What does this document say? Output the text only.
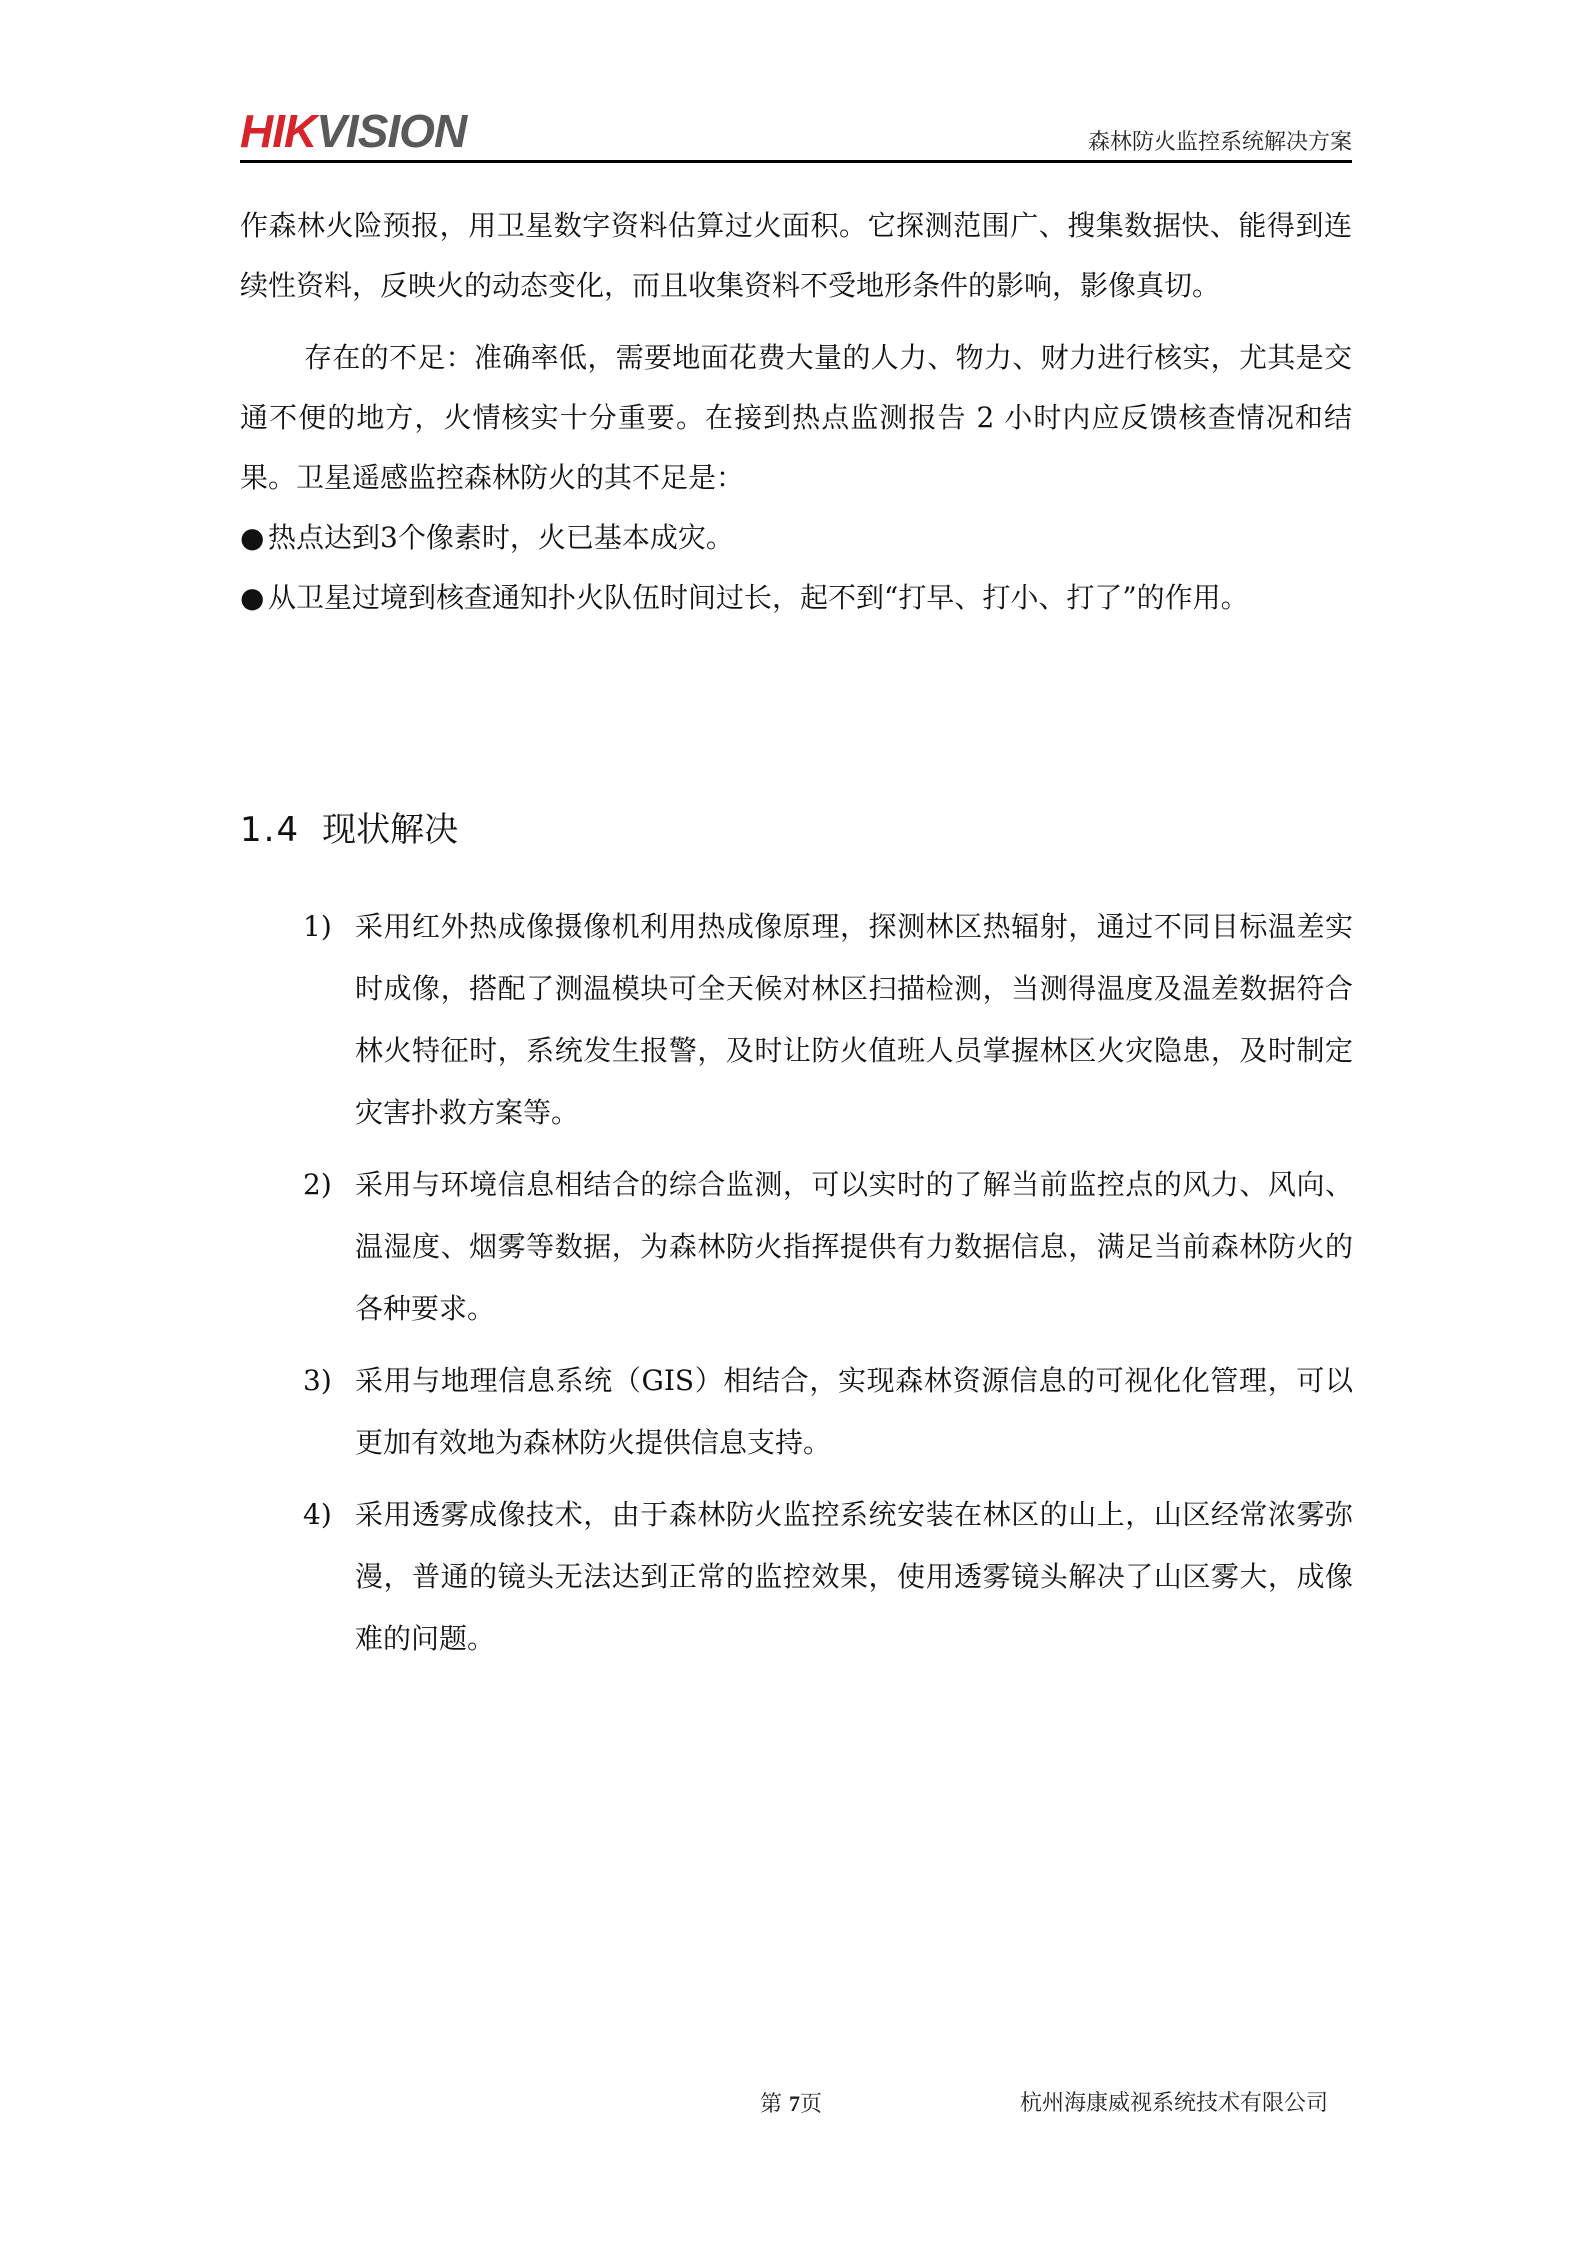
HIKVISION	森林防火监控系统解决方案

作森林火险预报，用卫星数字资料估算过火面积。它探测范围广、搜集数据快、能得到连续性资料，反映火的动态变化，而且收集资料不受地形条件的影响，影像真切。

存在的不足：准确率低，需要地面花费大量的人力、物力、财力进行核实，尤其是交通不便的地方，火情核实十分重要。在接到热点监测报告 2 小时内应反馈核查情况和结果。卫星遥感监控森林防火的其不足是：

● 热点达到3个像素时，火已基本成灾。

● 从卫星过境到核查通知扑火队伍时间过长，起不到“打早、打小、打了”的作用。

1.4 现状解决

1) 采用红外热成像摄像机利用热成像原理，探测林区热辐射，通过不同目标温差实时成像，搭配了测温模块可全天候对林区扫描检测，当测得温度及温差数据符合林火特征时，系统发生报警，及时让防火值班人员掌握林区火灾隐患，及时制定灾害扑救方案等。

2) 采用与环境信息相结合的综合监测，可以实时的了解当前监控点的风力、风向、温湿度、烟雾等数据，为森林防火指挥提供有力数据信息，满足当前森林防火的各种要求。

3) 采用与地理信息系统（GIS）相结合，实现森林资源信息的可视化化管理，可以更加有效地为森林防火提供信息支持。

4) 采用透雾成像技术，由于森林防火监控系统安装在林区的山上，山区经常浓雾弥漫，普通的镜头无法达到正常的监控效果，使用透雾镜头解决了山区雾大，成像难的问题。

第 7页	杭州海康威视系统技术有限公司
